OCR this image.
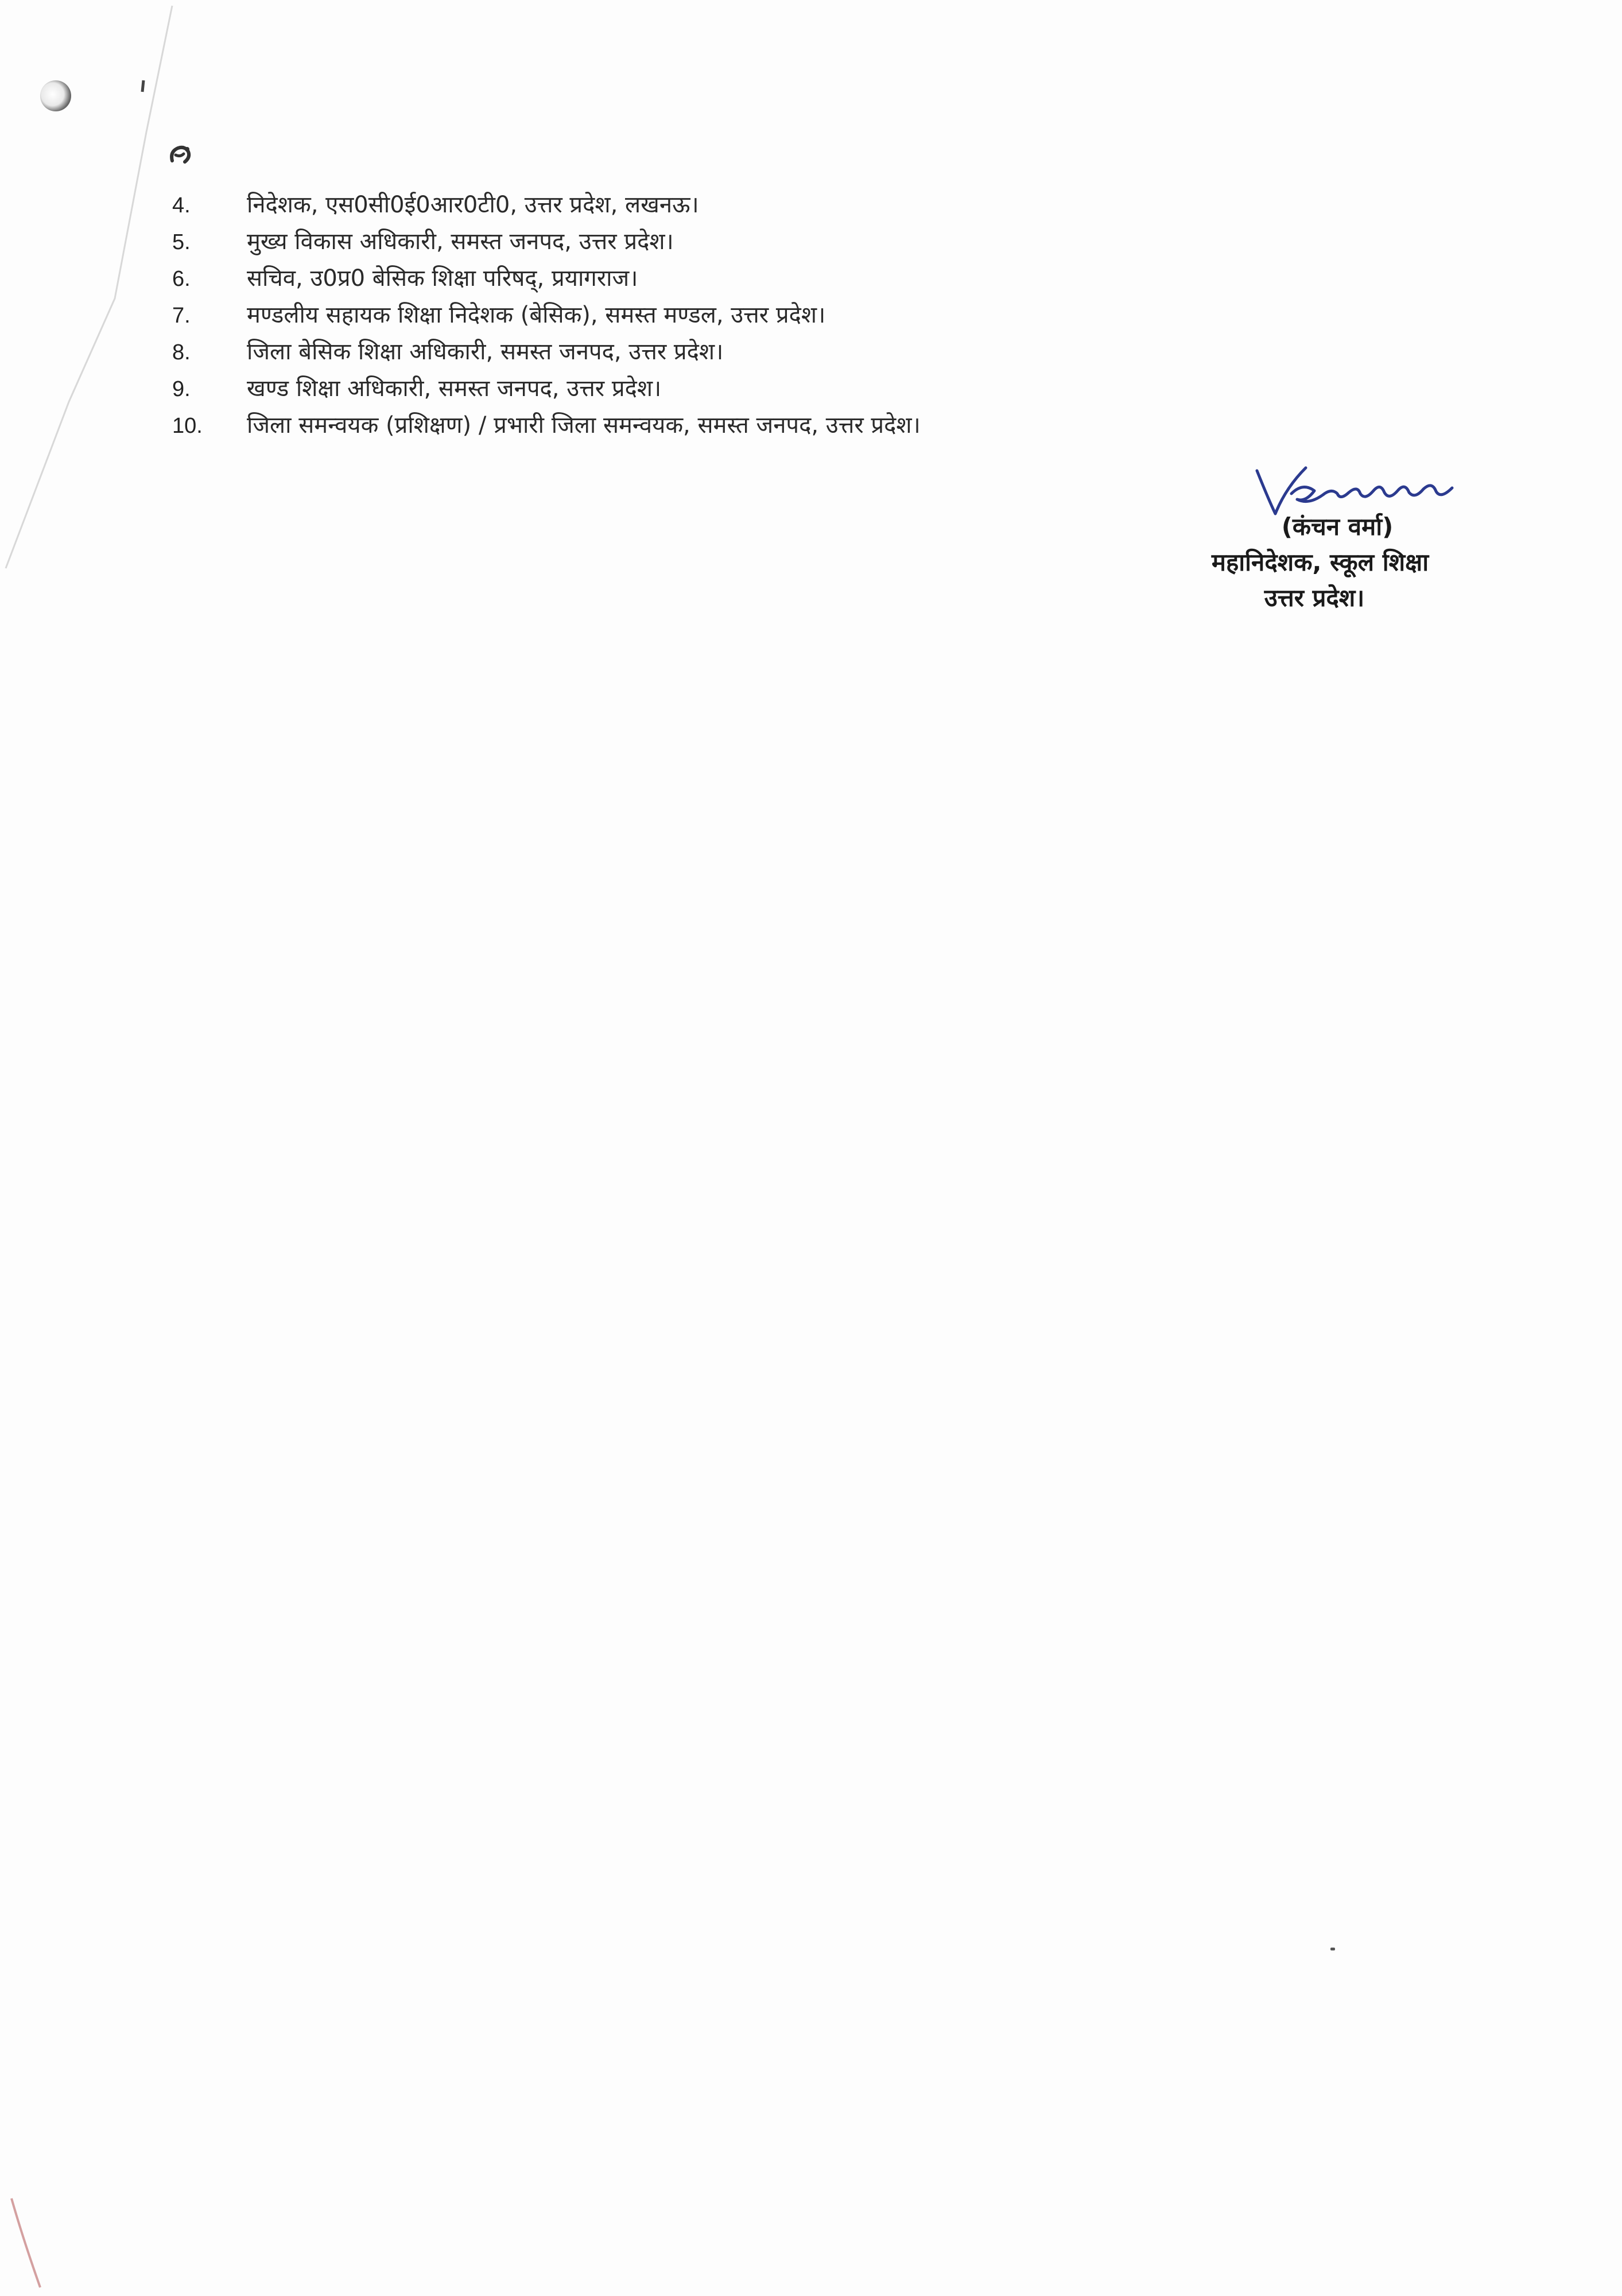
4.	निदेशक, एस0सी0ई0आर0टी0, उत्तर प्रदेश, लखनऊ।
5.	मुख्य विकास अधिकारी, समस्त जनपद, उत्तर प्रदेश।
6.	सचिव, उ0प्र0 बेसिक शिक्षा परिषद्, प्रयागराज।
7.	मण्डलीय सहायक शिक्षा निदेशक (बेसिक), समस्त मण्डल, उत्तर प्रदेश।
8.	जिला बेसिक शिक्षा अधिकारी, समस्त जनपद, उत्तर प्रदेश।
9.	खण्ड शिक्षा अधिकारी, समस्त जनपद, उत्तर प्रदेश।
10.	जिला समन्वयक (प्रशिक्षण) / प्रभारी जिला समन्वयक, समस्त जनपद, उत्तर प्रदेश।
(कंचन वर्मा)
महानिदेशक, स्कूल शिक्षा
उत्तर प्रदेश।
